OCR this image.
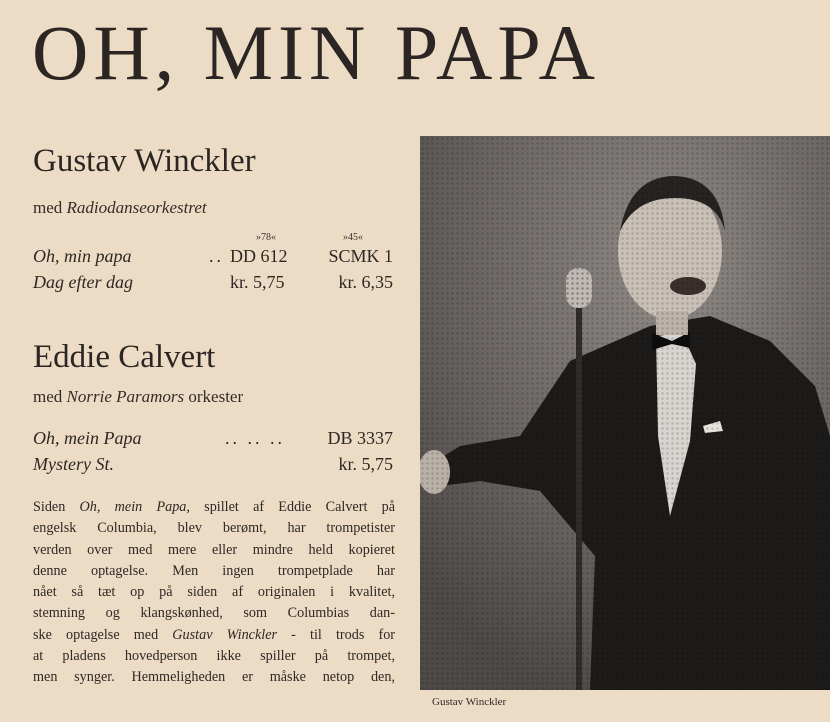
OH, MIN PAPA
Gustav Winckler
med Radiodanseorkestret
»78«	»45«
Oh, min papa	.. DD 612 SCMK 1
Dag efter dag	kr. 5,75	kr. 6,35
Eddie Calvert
med Norrie Paramors orkester
Oh, mein Papa	.. .. .. DB 3337
Mystery St.	kr. 5,75
Siden Oh, mein Papa, spillet af Eddie Calvert på
engelsk Columbia, blev berømt, har trompetister
verden over med mere eller mindre held kopieret
denne optagelse. Men ingen trompetplade har
nået så tæt op på siden af originalen i kvalitet,
stemning og klangskønhed, som Columbias dan-
ske optagelse med Gustav Winckler - til trods for
at pladens hovedperson ikke spiller på trompet,
men synger. Hemmeligheden er måske netop den,
Gustav Winckler
